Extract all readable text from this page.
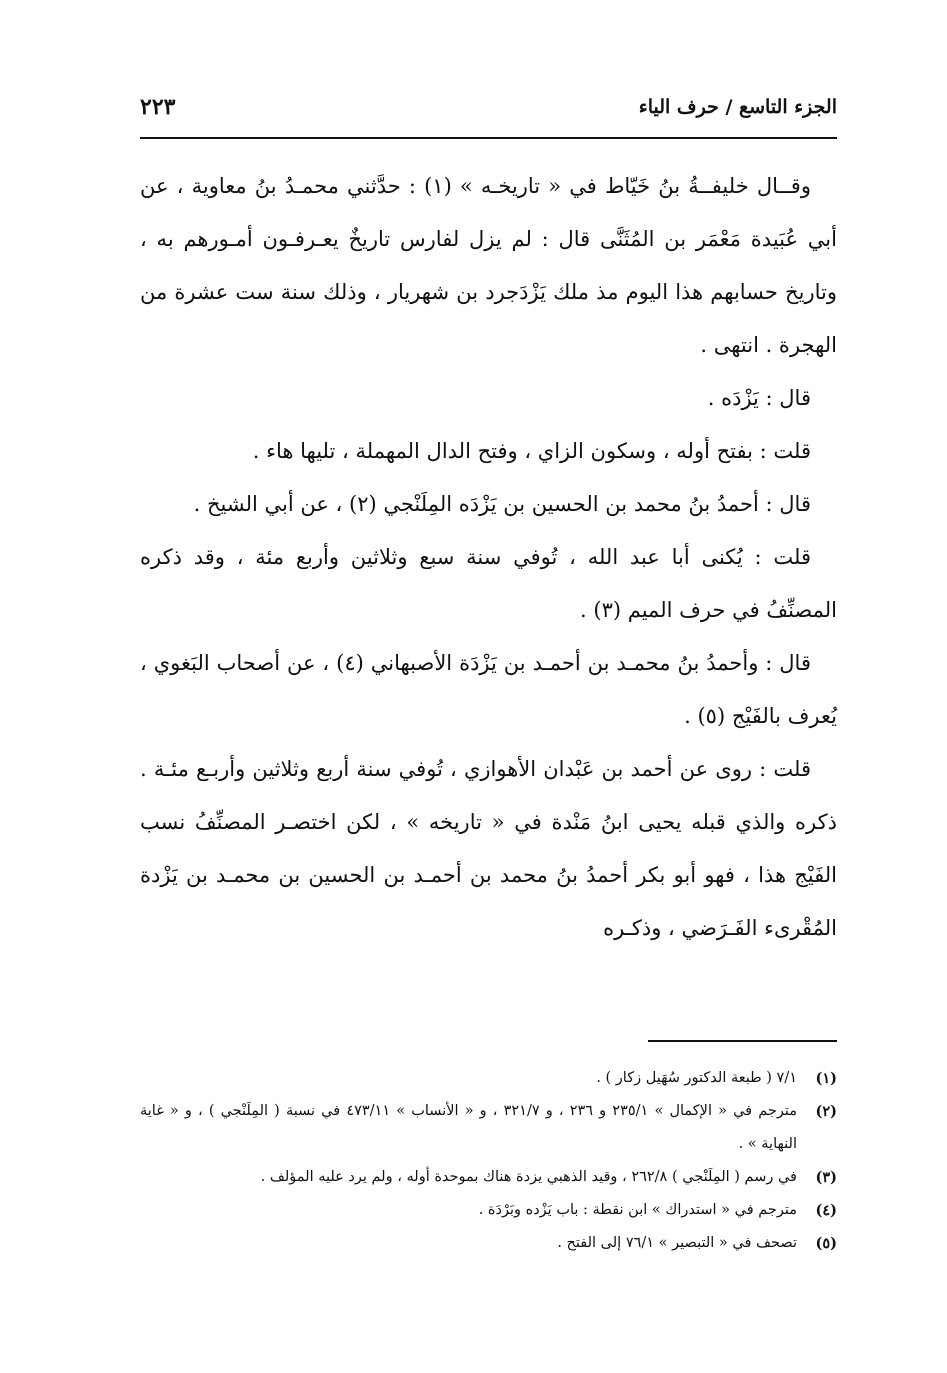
الجزء التاسع / حرف الياء
٢٢٣

وقــال خليفــةُ بنُ خَيّاط في « تاريخـه » (١) : حدَّثني محمـدُ بنُ معاوية ، عن أبي عُبَيدة مَعْمَر بن المُثَنَّى قال : لم يزل لفارس تاريخٌ يعـرفـون أمـورهم به ، وتاريخ حسابهم هذا اليوم مذ ملك يَزْدَجرد بن شهريار ، وذلك سنة ست عشرة من الهجرة . انتهى .

قال : يَزْدَه .

قلت : بفتح أوله ، وسكون الزاي ، وفتح الدال المهملة ، تليها هاء .

قال : أحمدُ بنُ محمد بن الحسين بن يَزْدَه المِلَنْجي (٢) ، عن أبي الشيخ .

قلت : يُكنى أبا عبد الله ، تُوفي سنة سبع وثلاثين وأربع مئة ، وقد ذكره المصنِّفُ في حرف الميم (٣) .

قال : وأحمدُ بنُ محمـد بن أحمـد بن يَزْدَة الأصبهاني (٤) ، عن أصحاب البَغوي ، يُعرف بالفَيْج (٥) .

قلت : روى عن أحمد بن عَبْدان الأهوازي ، تُوفي سنة أربع وثلاثين وأربـع مئـة . ذكره والذي قبله يحيى ابنُ مَنْدة في « تاريخه » ، لكن اختصـر المصنِّفُ نسب الفَيْج هذا ، فهو أبو بكر أحمدُ بنُ محمد بن أحمـد بن الحسين بن محمـد بن يَزْدة المُقْرىء الفَـرَضي ، وذكـره

(١)
٧/١ ( طبعة الدكتور سُهَيل زكار ) .
(٢)
مترجم في « الإكمال » ٢٣٥/١ و ٢٣٦ ، و ٣٢١/٧ ، و « الأنساب » ٤٧٣/١١ في نسبة ( المِلَنْجي ) ، و « غاية النهاية » .
(٣)
في رسم ( المِلَنْجي ) ٢٦٢/٨ ، وقيد الذهبي يزدة هناك بموحدة أوله ، ولم يرد عليه المؤلف .
(٤)
مترجم في « استدراك » ابن نقطة : باب يَزْده وبَرْدَة .
(٥)
تصحف في « التبصير » ٧٦/١ إلى الفتح .
